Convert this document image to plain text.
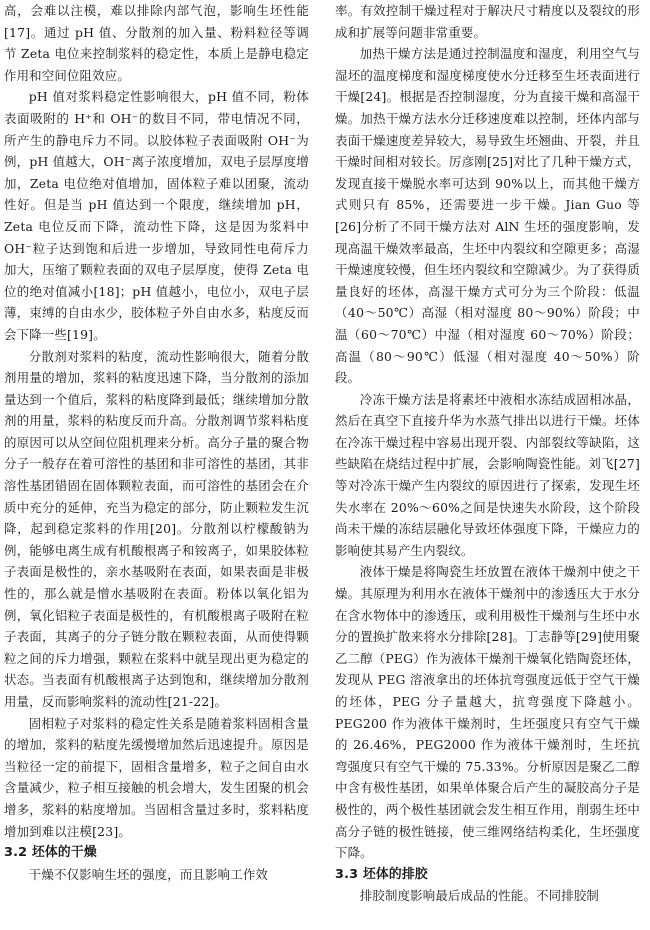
高，会难以注模，难以排除内部气泡，影响生坯性能[17]。通过 pH 值、分散剂的加入量、粉料粒径等调节 Zeta 电位来控制浆料的稳定性，本质上是静电稳定作用和空间位阻效应。

pH 值对浆料稳定性影响很大，pH 值不同，粉体表面吸附的 H⁺和 OH⁻的数目不同，带电情况不同，所产生的静电斥力不同。以胶体粒子表面吸附 OH⁻为例，pH 值越大，OH⁻离子浓度增加，双电子层厚度增加，Zeta 电位绝对值增加，固体粒子难以团聚，流动性好。但是当 pH 值达到一个限度，继续增加 pH，Zeta 电位反而下降，流动性下降，这是因为浆料中 OH⁻粒子达到饱和后进一步增加，导致同性电荷斥力加大，压缩了颗粒表面的双电子层厚度，使得 Zeta 电位的绝对值减小[18]；pH 值越小，电位小，双电子层薄，束缚的自由水少，胶体粒子外自由水多，粘度反而会下降一些[19]。

分散剂对浆料的粘度，流动性影响很大，随着分散剂用量的增加，浆料的粘度迅速下降，当分散剂的添加量达到一个值后，浆料的粘度降到最低；继续增加分散剂的用量，浆料的粘度反而升高。分散剂调节浆料粘度的原因可以从空间位阻机理来分析。高分子量的聚合物分子一般存在着可溶性的基团和非可溶性的基团，其非溶性基团错固在固体颗粒表面，而可溶性的基团会在介质中充分的延伸，充当为稳定的部分，防止颗粒发生沉降，起到稳定浆料的作用[20]。分散剂以柠檬酸钠为例，能够电离生成有机酸根离子和铵离子，如果胶体粒子表面是极性的，亲水基吸附在表面，如果表面是非极性的，那么就是憎水基吸附在表面。粉体以氧化铝为例，氧化铝粒子表面是极性的，有机酸根离子吸附在粒子表面，其离子的分子链分散在颗粒表面，从而使得颗粒之间的斥力增强，颗粒在浆料中就呈现出更为稳定的状态。当表面有机酸根离子达到饱和，继续增加分散剂用量，反而影响浆料的流动性[21-22]。

固相粒子对浆料的稳定性关系是随着浆料固相含量的增加，浆料的粘度先缓慢增加然后迅速提升。原因是当粒径一定的前提下，固相含量增多，粒子之间自由水含量减少，粒子相互接触的机会增大，发生团聚的机会增多，浆料的粘度增加。当固相含量过多时，浆料粘度增加到难以注模[23]。

3.2 坯体的干燥

干燥不仅影响生坯的强度，而且影响工作效

率。有效控制干燥过程对于解决尺寸精度以及裂纹的形成和扩展等问题非常重要。

加热干燥方法是通过控制温度和湿度，利用空气与湿坯的温度梯度和湿度梯度使水分迁移至生坯表面进行干燥[24]。根据是否控制湿度，分为直接干燥和高湿干燥。加热干燥方法水分迁移速度难以控制，坯体内部与表面干燥速度差异较大，易导致生坯翘曲、开裂，并且干燥时间相对较长。厉彦刚[25]对比了几种干燥方式，发现直接干燥脱水率可达到 90%以上，而其他干燥方式则只有 85%，还需要进一步干燥。Jian Guo 等[26]分析了不同干燥方法对 AlN 生坯的强度影响，发现高温干燥效率最高，生坯中内裂纹和空隙更多；高湿干燥速度较慢，但生坯内裂纹和空隙减少。为了获得质量良好的坯体，高湿干燥方式可分为三个阶段：低温（40～50℃）高湿（相对湿度 80～90%）阶段；中温（60～70℃）中湿（相对湿度 60～70%）阶段；高温（80～90℃）低湿（相对湿度 40～50%）阶段。

冷冻干燥方法是将素坯中液相水冻结成固相冰晶，然后在真空下直接升华为水蒸气排出以进行干燥。坯体在冷冻干燥过程中容易出现开裂、内部裂纹等缺陷，这些缺陷在烧结过程中扩展，会影响陶瓷性能。刘飞[27]等对冷冻干燥产生内裂纹的原因进行了探索，发现生坯失水率在 20%～60%之间是快速失水阶段，这个阶段尚未干燥的冻结层融化导致坯体强度下降，干燥应力的影响使其易产生内裂纹。

液体干燥是将陶瓷生坯放置在液体干燥剂中使之干燥。其原理为利用水在液体干燥剂中的渗透压大于水分在含水物体中的渗透压，或利用极性干燥剂与生坯中水分的置换扩散来将水分排除[28]。丁志静等[29]使用聚乙二醇（PEG）作为液体干燥剂干燥氧化锆陶瓷坯体，发现从 PEG 溶液拿出的坯体抗弯强度远低于空气干燥的坯体，PEG 分子量越大，抗弯强度下降越小。PEG200 作为液体干燥剂时，生坯强度只有空气干燥的 26.46%，PEG2000 作为液体干燥剂时，生坯抗弯强度只有空气干燥的 75.33%。分析原因是聚乙二醇中含有极性基团，如果单体聚合后产生的凝胶高分子是极性的，两个极性基团就会发生相互作用，削弱生坯中高分子链的极性链接，使三维网络结构柔化，生坯强度下降。

3.3 坯体的排胶

排胶制度影响最后成品的性能。不同排胶制
